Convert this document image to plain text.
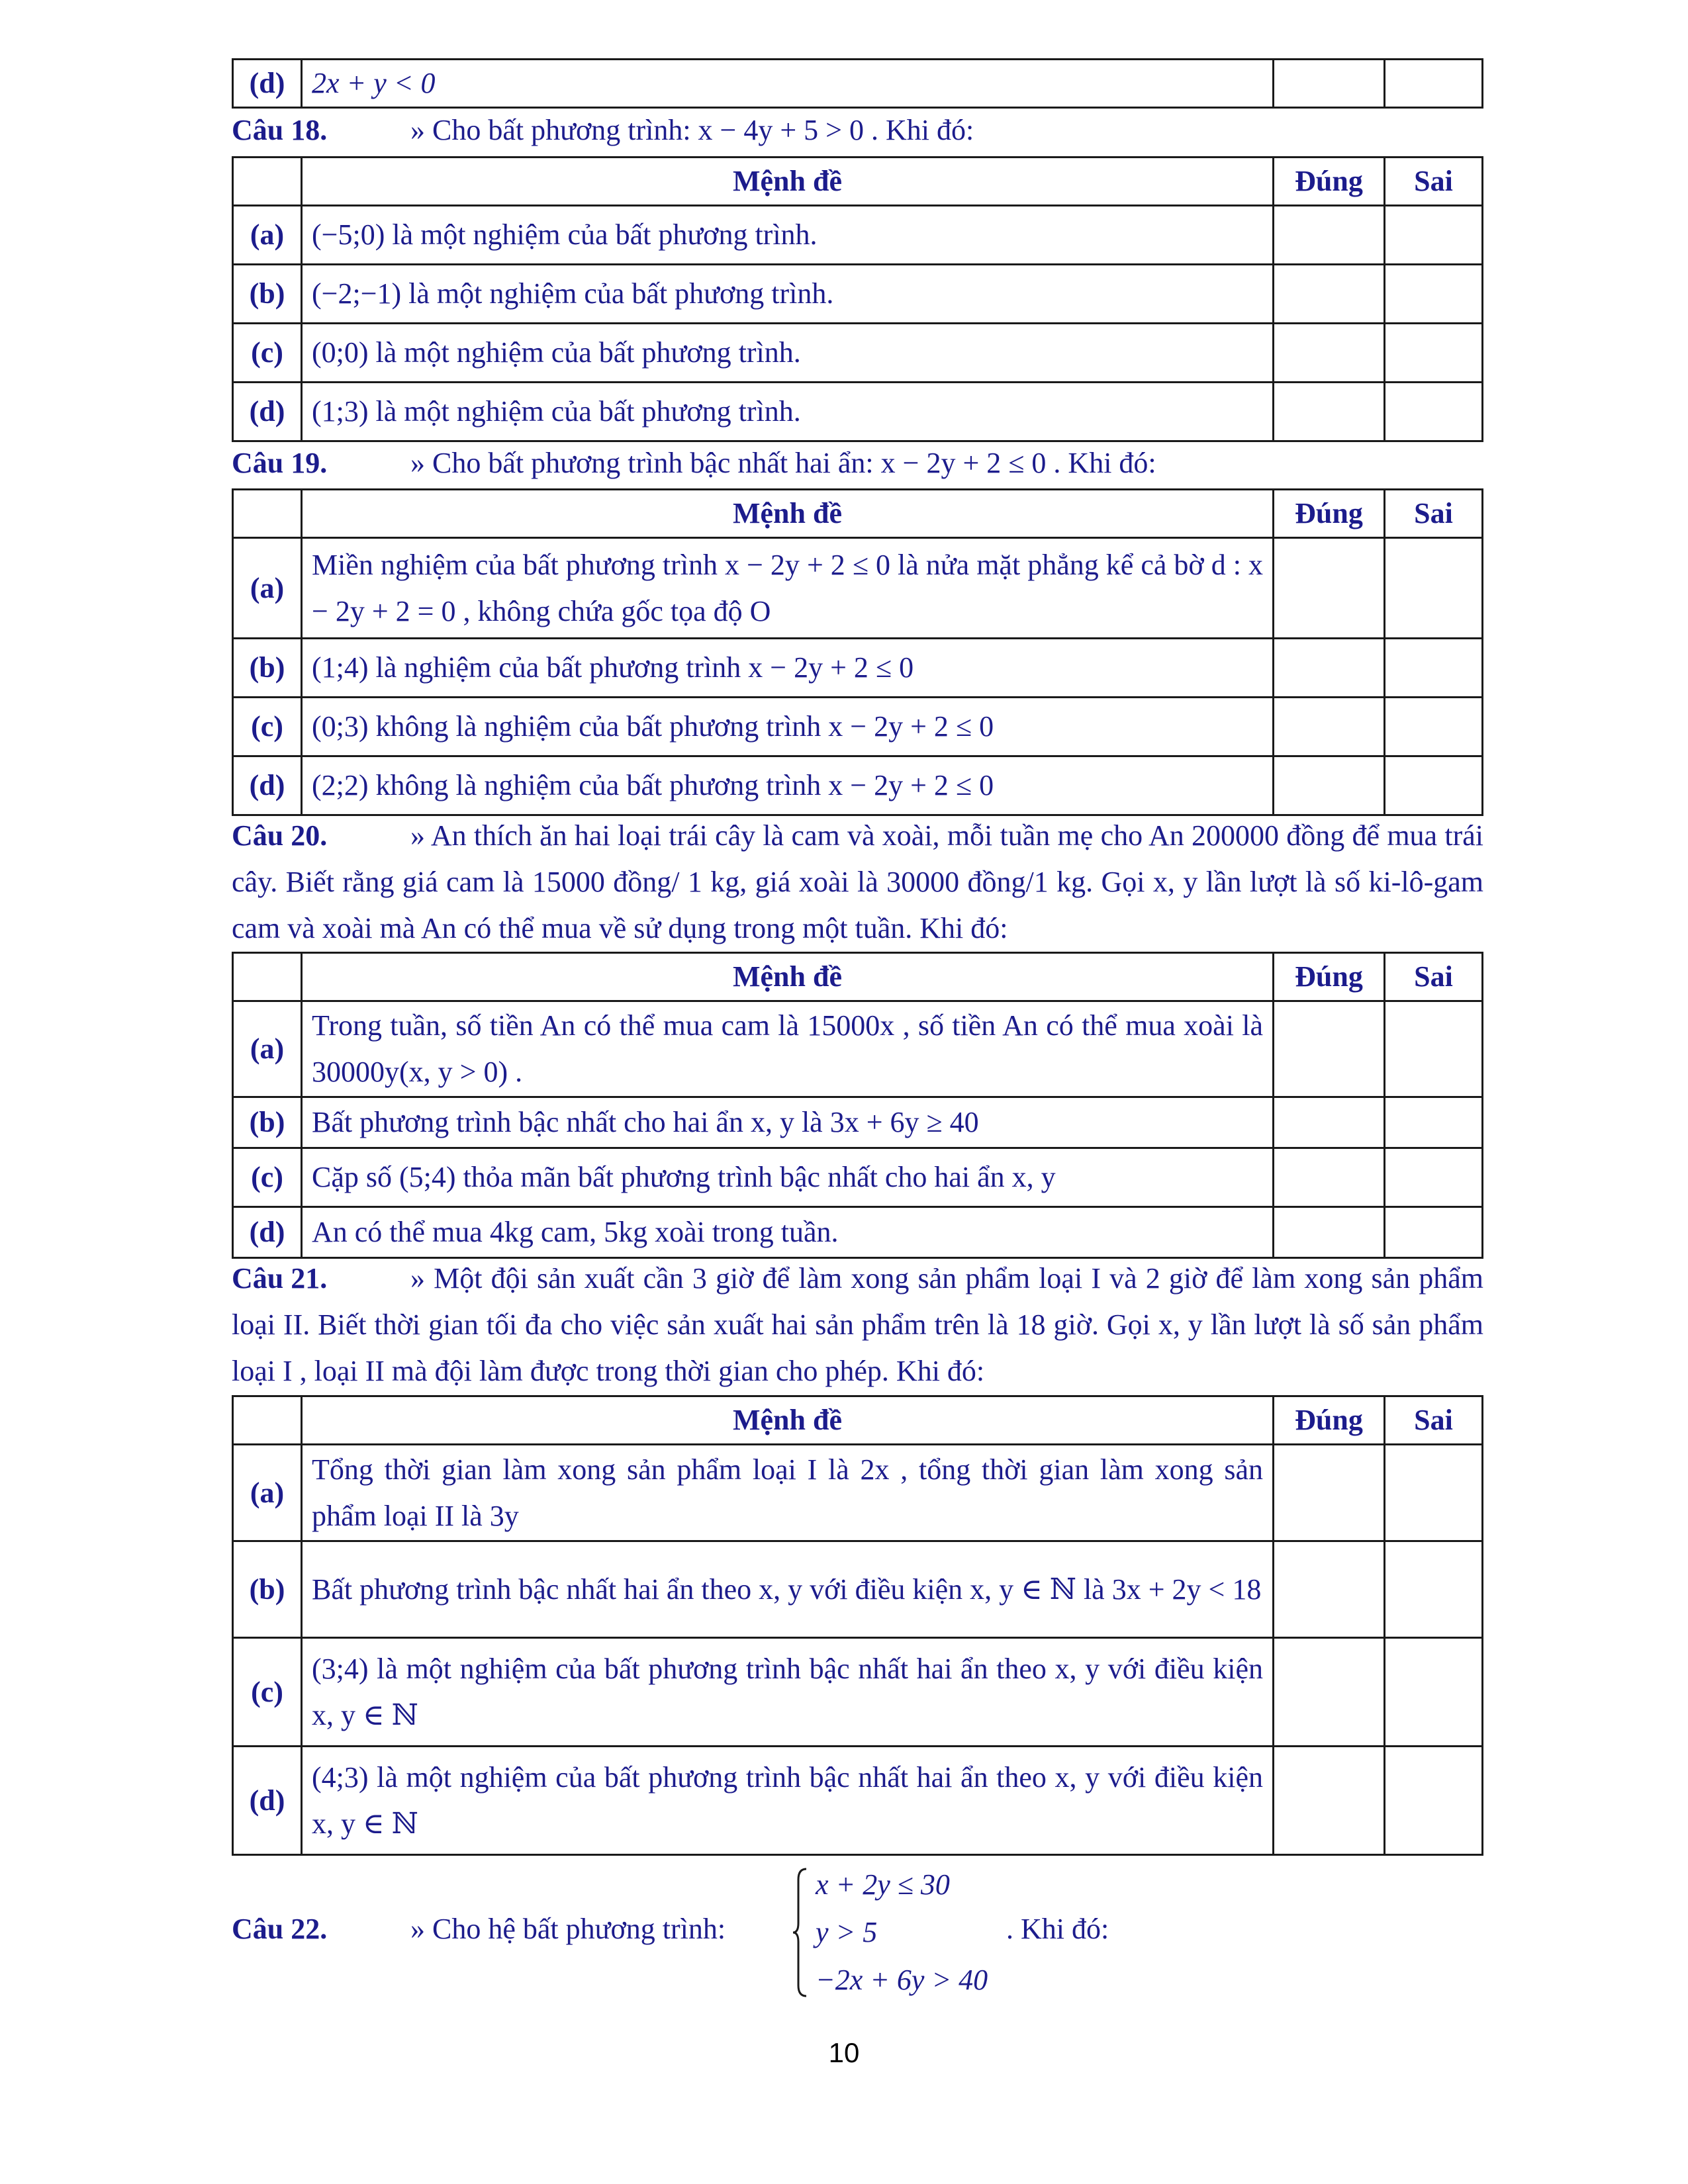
(d)	2x + y < 0		
Câu 18.	» Cho bất phương trình: x − 4y + 5 > 0 . Khi đó:
	Mệnh đề	Đúng	Sai
(a)	(−5;0) là một nghiệm của bất phương trình.		
(b)	(−2;−1) là một nghiệm của bất phương trình.		
(c)	(0;0) là một nghiệm của bất phương trình.		
(d)	(1;3) là một nghiệm của bất phương trình.		
Câu 19.	» Cho bất phương trình bậc nhất hai ẩn: x − 2y + 2 ≤ 0 . Khi đó:
	Mệnh đề	Đúng	Sai
(a)	Miền nghiệm của bất phương trình x − 2y + 2 ≤ 0 là nửa mặt phẳng kể cả bờ d : x − 2y + 2 = 0 , không chứa gốc tọa độ O		
(b)	(1;4) là nghiệm của bất phương trình x − 2y + 2 ≤ 0		
(c)	(0;3) không là nghiệm của bất phương trình x − 2y + 2 ≤ 0		
(d)	(2;2) không là nghiệm của bất phương trình x − 2y + 2 ≤ 0		
Câu 20.	» An thích ăn hai loại trái cây là cam và xoài, mỗi tuần mẹ cho An 200000 đồng để mua trái cây. Biết rằng giá cam là 15000 đồng/ 1 kg, giá xoài là 30000 đồng/1 kg. Gọi x, y lần lượt là số ki-lô-gam cam và xoài mà An có thể mua về sử dụng trong một tuần. Khi đó:
	Mệnh đề	Đúng	Sai
(a)	Trong tuần, số tiền An có thể mua cam là 15000x , số tiền An có thể mua xoài là 30000y(x, y > 0) .		
(b)	Bất phương trình bậc nhất cho hai ẩn x, y là 3x + 6y ≥ 40		
(c)	Cặp số (5;4) thỏa mãn bất phương trình bậc nhất cho hai ẩn x, y		
(d)	An có thể mua 4kg cam, 5kg xoài trong tuần.		
Câu 21.	» Một đội sản xuất cần 3 giờ để làm xong sản phẩm loại I và 2 giờ để làm xong sản phẩm loại II. Biết thời gian tối đa cho việc sản xuất hai sản phẩm trên là 18 giờ. Gọi x, y lần lượt là số sản phẩm loại I , loại II mà đội làm được trong thời gian cho phép. Khi đó:
	Mệnh đề	Đúng	Sai
(a)	Tổng thời gian làm xong sản phẩm loại I là 2x , tổng thời gian làm xong sản phẩm loại II là 3y		
(b)	Bất phương trình bậc nhất hai ẩn theo x, y với điều kiện x, y ∈ ℕ là 3x + 2y < 18		
(c)	(3;4) là một nghiệm của bất phương trình bậc nhất hai ẩn theo x, y với điều kiện x, y ∈ ℕ		
(d)	(4;3) là một nghiệm của bất phương trình bậc nhất hai ẩn theo x, y với điều kiện x, y ∈ ℕ		
Câu 22.	» Cho hệ bất phương trình:
x + 2y ≤ 30
y > 5
−2x + 6y > 40
. Khi đó:
10
